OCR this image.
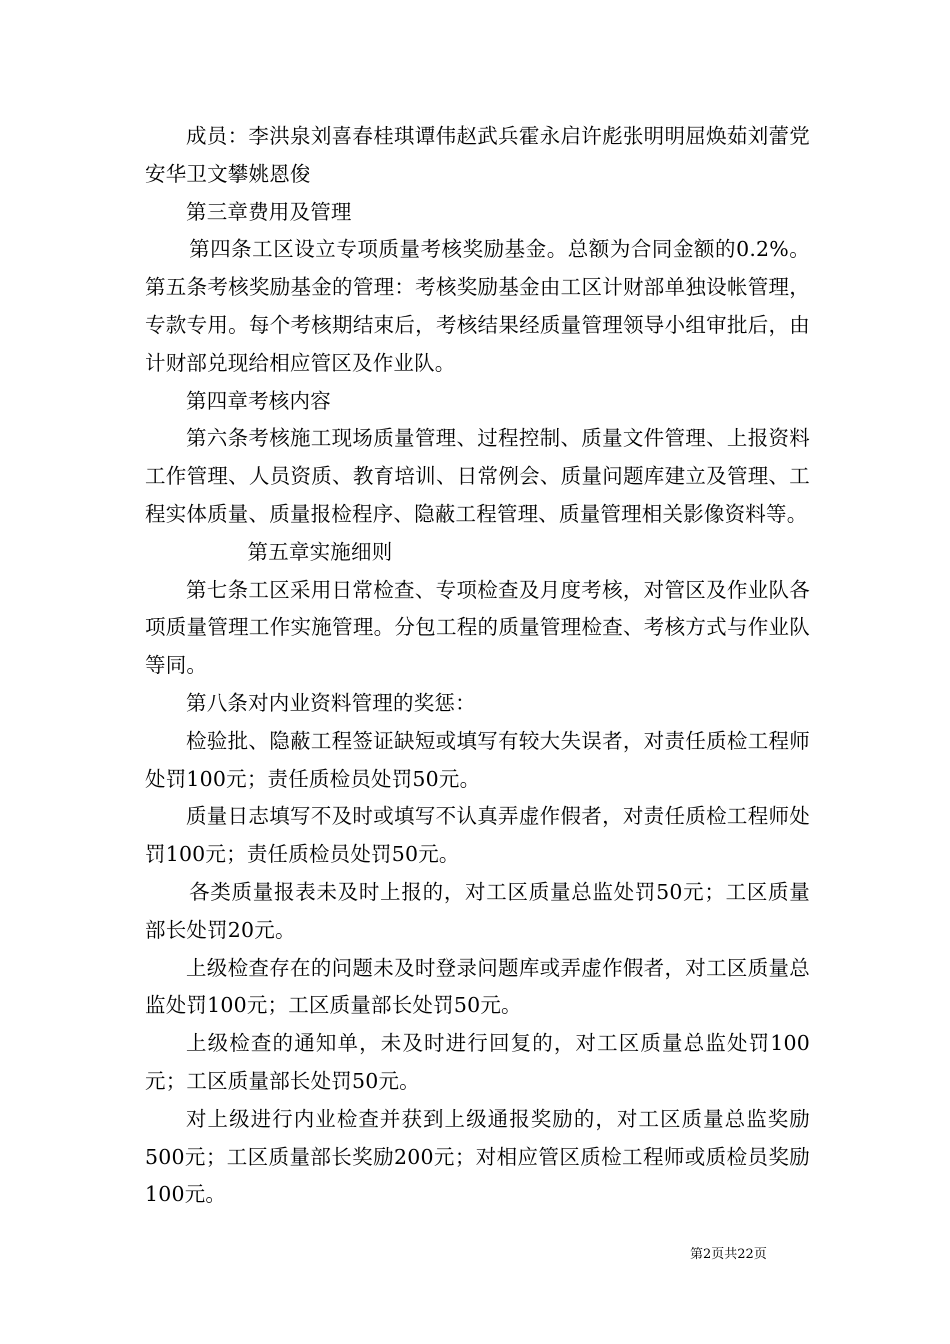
成员：李洪泉刘喜春桂琪谭伟赵武兵霍永启许彪张明明屈焕茹刘蕾党安华卫文攀姚恩俊

第三章费用及管理

第四条工区设立专项质量考核奖励基金。总额为合同金额的0.2%。第五条考核奖励基金的管理：考核奖励基金由工区计财部单独设帐管理，专款专用。每个考核期结束后，考核结果经质量管理领导小组审批后，由计财部兑现给相应管区及作业队。

第四章考核内容

第六条考核施工现场质量管理、过程控制、质量文件管理、上报资料工作管理、人员资质、教育培训、日常例会、质量问题库建立及管理、工程实体质量、质量报检程序、隐蔽工程管理、质量管理相关影像资料等。

第五章实施细则

第七条工区采用日常检查、专项检查及月度考核，对管区及作业队各项质量管理工作实施管理。分包工程的质量管理检查、考核方式与作业队等同。

第八条对内业资料管理的奖惩：

检验批、隐蔽工程签证缺短或填写有较大失误者，对责任质检工程师处罚100元；责任质检员处罚50元。

质量日志填写不及时或填写不认真弄虚作假者，对责任质检工程师处罚100元；责任质检员处罚50元。

各类质量报表未及时上报的，对工区质量总监处罚50元；工区质量部长处罚20元。

上级检查存在的问题未及时登录问题库或弄虚作假者，对工区质量总监处罚100元；工区质量部长处罚50元。

上级检查的通知单，未及时进行回复的，对工区质量总监处罚100元；工区质量部长处罚50元。

对上级进行内业检查并获到上级通报奖励的，对工区质量总监奖励500元；工区质量部长奖励200元；对相应管区质检工程师或质检员奖励100元。

第2页共22页
